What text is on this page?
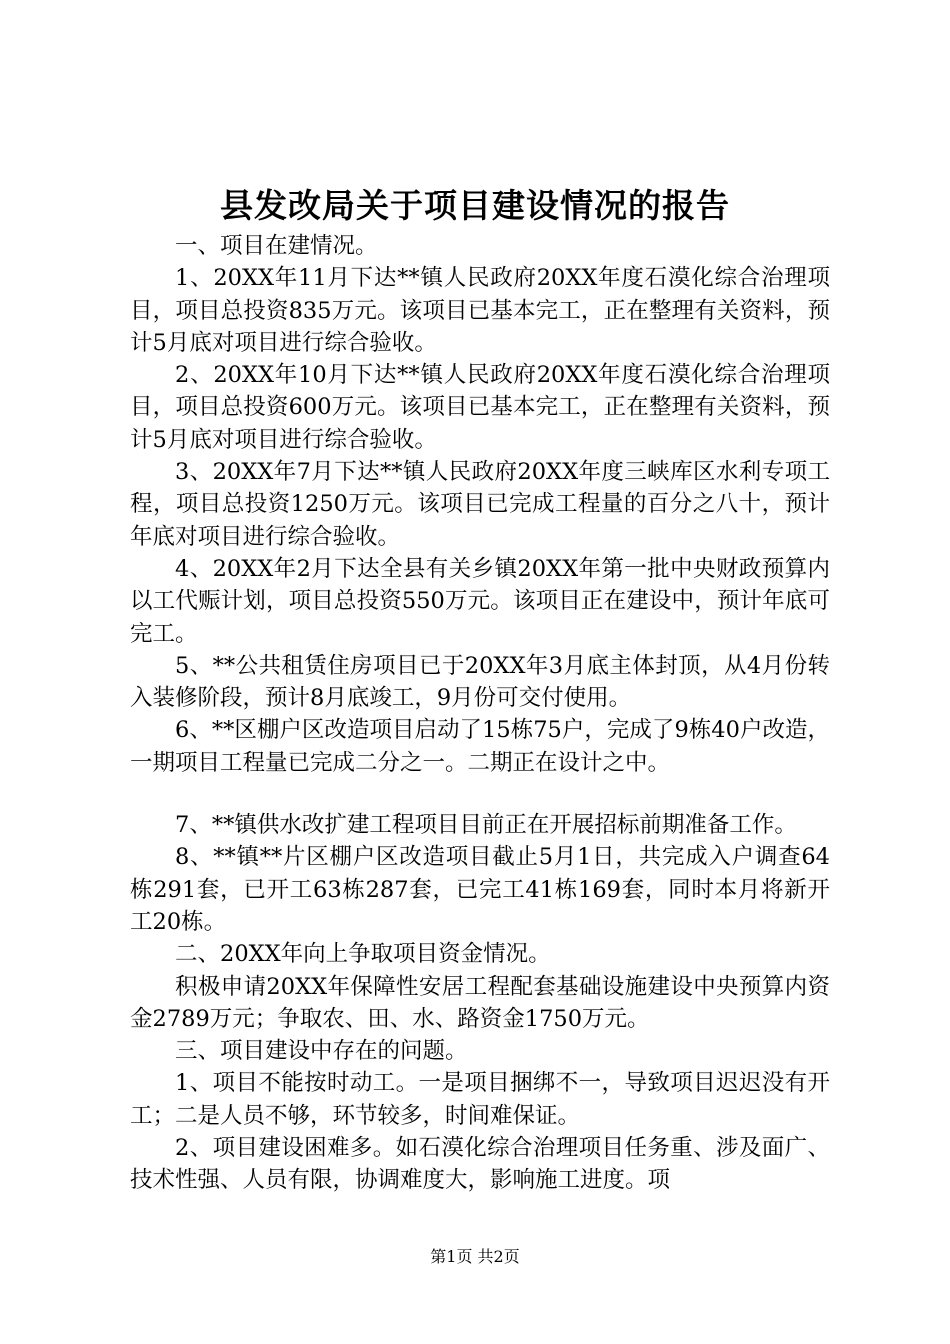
县发改局关于项目建设情况的报告

一、项目在建情况。

1、20XX年11月下达**镇人民政府20XX年度石漠化综合治理项目，项目总投资835万元。该项目已基本完工，正在整理有关资料，预计5月底对项目进行综合验收。

2、20XX年10月下达**镇人民政府20XX年度石漠化综合治理项目，项目总投资600万元。该项目已基本完工，正在整理有关资料，预计5月底对项目进行综合验收。

3、20XX年7月下达**镇人民政府20XX年度三峡库区水利专项工程，项目总投资1250万元。该项目已完成工程量的百分之八十，预计年底对项目进行综合验收。

4、20XX年2月下达全县有关乡镇20XX年第一批中央财政预算内以工代赈计划，项目总投资550万元。该项目正在建设中，预计年底可完工。

5、**公共租赁住房项目已于20XX年3月底主体封顶，从4月份转入装修阶段，预计8月底竣工，9月份可交付使用。

6、**区棚户区改造项目启动了15栋75户，完成了9栋40户改造，一期项目工程量已完成二分之一。二期正在设计之中。

7、**镇供水改扩建工程项目目前正在开展招标前期准备工作。

8、**镇**片区棚户区改造项目截止5月1日，共完成入户调查64栋291套，已开工63栋287套，已完工41栋169套，同时本月将新开工20栋。

二、20XX年向上争取项目资金情况。

积极申请20XX年保障性安居工程配套基础设施建设中央预算内资金2789万元；争取农、田、水、路资金1750万元。

三、项目建设中存在的问题。

1、项目不能按时动工。一是项目捆绑不一，导致项目迟迟没有开工；二是人员不够，环节较多，时间难保证。

2、项目建设困难多。如石漠化综合治理项目任务重、涉及面广、技术性强、人员有限，协调难度大，影响施工进度。项

第1页 共2页
